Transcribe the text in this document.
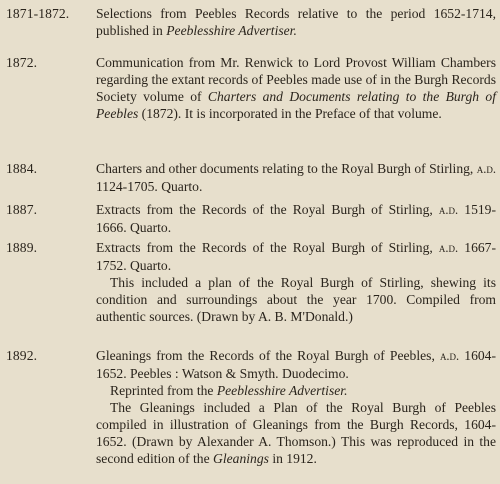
1871-1872. Selections from Peebles Records relative to the period 1652-1714, published in Peeblesshire Advertiser.
1872.	Communication from Mr. Renwick to Lord Provost William Chambers regarding the extant records of Peebles made use of in the Burgh Records Society volume of Charters and Documents relating to the Burgh of Peebles (1872). It is incorporated in the Preface of that volume.
1884.	Charters and other documents relating to the Royal Burgh of Stirling, a.d. 1124-1705. Quarto.
1887.	Extracts from the Records of the Royal Burgh of Stirling, a.d. 1519-1666. Quarto.
1889.	Extracts from the Records of the Royal Burgh of Stirling, a.d. 1667-1752. Quarto.
This included a plan of the Royal Burgh of Stirling, shewing its condition and surroundings about the year 1700. Compiled from authentic sources. (Drawn by A. B. M'Donald.)
1892.	Gleanings from the Records of the Royal Burgh of Peebles, a.d. 1604-1652. Peebles : Watson & Smyth. Duodecimo.
Reprinted from the Peeblesshire Advertiser.
The Gleanings included a Plan of the Royal Burgh of Peebles compiled in illustration of Gleanings from the Burgh Records, 1604-1652. (Drawn by Alexander A. Thomson.) This was reproduced in the second edition of the Gleanings in 1912.
